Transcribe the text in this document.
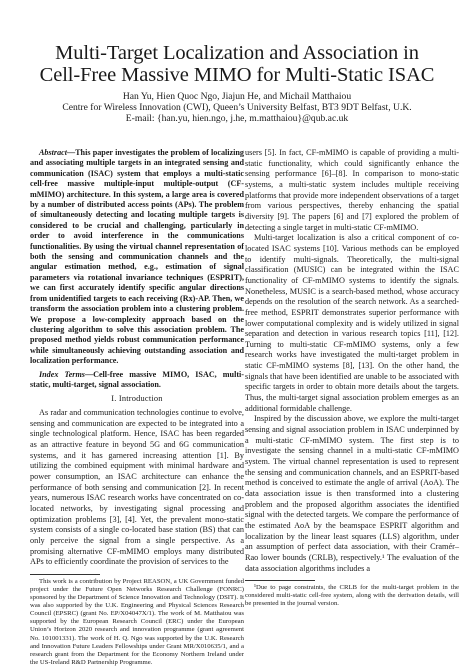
Multi-Target Localization and Association in
Cell-Free Massive MIMO for Multi-Static ISAC
Han Yu, Hien Quoc Ngo, Jiajun He, and Michail Matthaiou
Centre for Wireless Innovation (CWI), Queen’s University Belfast, BT3 9DT Belfast, U.K.
E-mail: {han.yu, hien.ngo, j.he, m.matthaiou}@qub.ac.uk

Abstract—This paper investigates the problem of localizing and associating multiple targets in an integrated sensing and communication (ISAC) system that employs a multi-static cell-free massive multiple-input multiple-output (CF-mMIMO) architecture. In this system, a large area is covered by a number of distributed access points (APs). The problem of simultaneously detecting and locating multiple targets is considered to be crucial and challenging, particularly in order to avoid interference in the communications functionalities. By using the virtual channel representation of both the sensing and communication channels and the angular estimation method, e.g., estimation of signal parameters via rotational invariance techniques (ESPRIT), we can first accurately identify specific angular directions from unidentified targets to each receiving (Rx)-AP. Then, we transform the association problem into a clustering problem. We propose a low-complexity approach based on the clustering algorithm to solve this association problem. The proposed method yields robust communication performance while simultaneously achieving outstanding association and localization performance.

Index Terms—Cell-free massive MIMO, ISAC, multi-static, multi-target, signal association.

I. Introduction

As radar and communication technologies continue to evolve, sensing and communication are expected to be integrated into a single technological platform. Hence, ISAC has been regarded as an attractive feature in beyond 5G and 6G communication systems, and it has garnered increasing attention [1]. By utilizing the combined equipment with minimal hardware and power consumption, an ISAC architecture can enhance the performance of both sensing and communication [2]. In recent years, numerous ISAC research works have concentrated on co-located networks, by investigating signal processing and optimization problems [3], [4]. Yet, the prevalent mono-static system consists of a single co-located base station (BS) that can only perceive the signal from a single perspective. As a promising alternative CF-mMIMO employs many distributed APs to efficiently coordinate the provision of services to the

This work is a contribution by Project REASON, a UK Government funded project under the Future Open Networks Research Challenge (FONRC) sponsored by the Department of Science Innovation and Technology (DSIT). It was also supported by the U.K. Engineering and Physical Sciences Research Council (EPSRC) (grant No. EP/X04047X/1). The work of M. Matthaiou was supported by the European Research Council (ERC) under the European Union’s Horizon 2020 research and innovation programme (grant agreement No. 101001331). The work of H. Q. Ngo was supported by the U.K. Research and Innovation Future Leaders Fellowships under Grant MR/X010635/1, and a research grant from the Department for the Economy Northern Ireland under the US-Ireland R&D Partnership Programme.

users [5]. In fact, CF-mMIMO is capable of providing a multi-static functionality, which could significantly enhance the sensing performance [6]–[8]. In comparison to mono-static systems, a multi-static system includes multiple receiving platforms that provide more independent observations of a target from various perspectives, thereby enhancing the spatial diversity [9]. The papers [6] and [7] explored the problem of detecting a single target in multi-static CF-mMIMO.

Multi-target localization is also a critical component of co-located ISAC systems [10]. Various methods can be employed to identify multi-signals. Theoretically, the multi-signal classification (MUSIC) can be integrated within the ISAC functionality of CF-mMIMO systems to identify the signals. Nonetheless, MUSIC is a search-based method, whose accuracy depends on the resolution of the search network. As a searched-free method, ESPRIT demonstrates superior performance with lower computational complexity and is widely utilized in signal separation and detection in various research topics [11], [12]. Turning to multi-static CF-mMIMO systems, only a few research works have investigated the multi-target problem in static CF-mMIMO systems [8], [13]. On the other hand, the signals that have been identified are unable to be associated with specific targets in order to obtain more details about the targets. Thus, the multi-target signal association problem emerges as an additional formidable challenge.

Inspired by the discussion above, we explore the multi-target sensing and signal association problem in ISAC underpinned by a multi-static CF-mMIMO system. The first step is to investigate the sensing channel in a multi-static CF-mMIMO system. The virtual channel representation is used to represent the sensing and communication channels, and an ESPRIT-based method is conceived to estimate the angle of arrival (AoA). The data association issue is then transformed into a clustering problem and the proposed algorithm associates the identified signal with the detected targets. We compare the performance of the estimated AoA by the beamspace ESPRIT algorithm and localization by the linear least squares (LLS) algorithm, under an assumption of perfect data association, with their Cramér–Rao lower bounds (CRLB), respectively.¹ The evaluation of the data association algorithms includes a

¹Due to page constraints, the CRLB for the multi-target problem in the considered multi-static cell-free system, along with the derivation details, will be presented in the journal version.
